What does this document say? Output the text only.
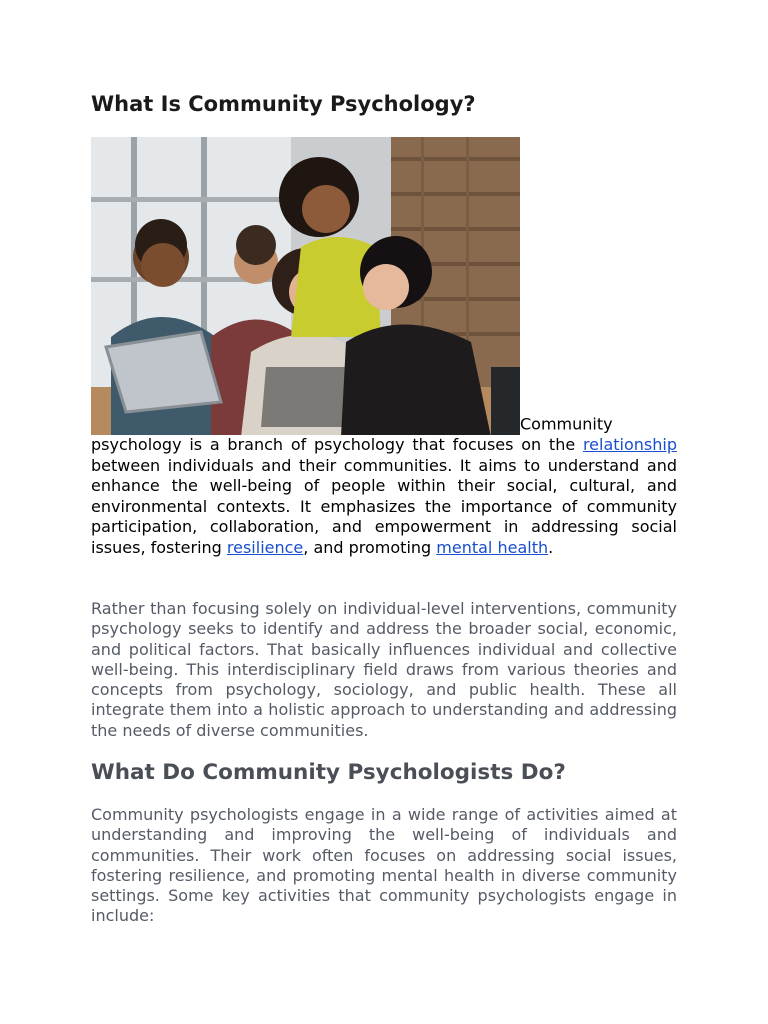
What Is Community Psychology?
Community psychology is a branch of psychology that focuses on the relationship between individuals and their communities. It aims to understand and enhance the well-being of people within their social, cultural, and environmental contexts. It emphasizes the importance of community participation, collaboration, and empowerment in addressing social issues, fostering resilience, and promoting mental health.

Rather than focusing solely on individual-level interventions, community psychology seeks to identify and address the broader social, economic, and political factors. That basically influences individual and collective well-being. This interdisciplinary field draws from various theories and concepts from psychology, sociology, and public health. These all integrate them into a holistic approach to understanding and addressing the needs of diverse communities.

What Do Community Psychologists Do?

Community psychologists engage in a wide range of activities aimed at understanding and improving the well-being of individuals and communities. Their work often focuses on addressing social issues, fostering resilience, and promoting mental health in diverse community settings. Some key activities that community psychologists engage in include:
